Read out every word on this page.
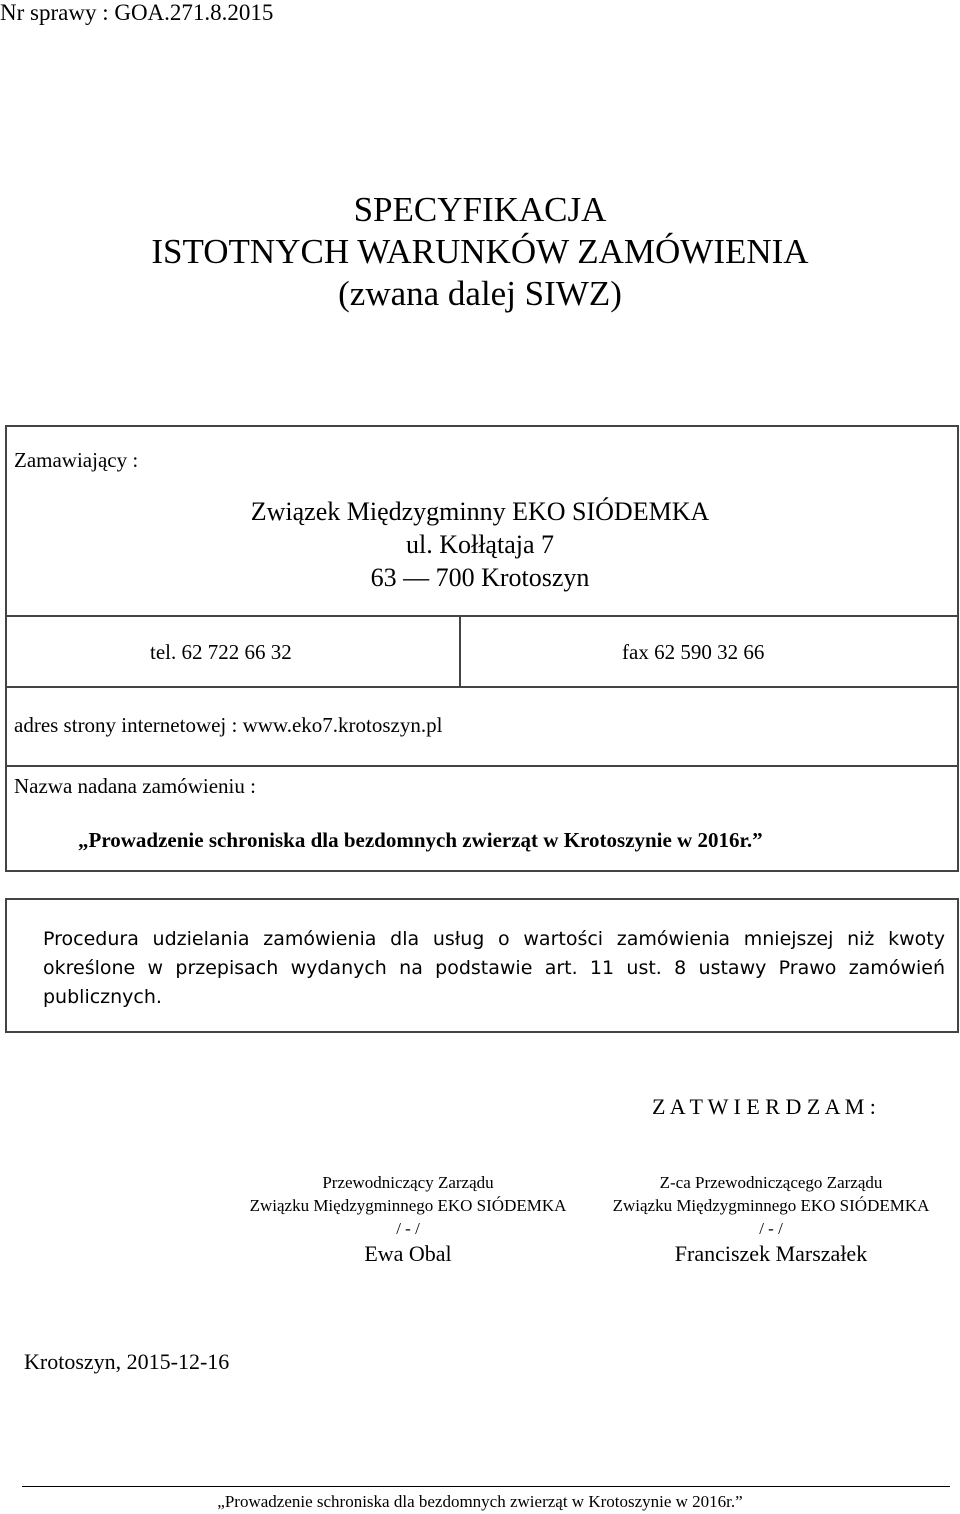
Nr sprawy : GOA.271.8.2015
SPECYFIKACJA
ISTOTNYCH WARUNKÓW ZAMÓWIENIA
(zwana dalej SIWZ)
Zamawiający :
Związek Międzygminny EKO SIÓDEMKA
ul. Kołłątaja 7
63 — 700 Krotoszyn
tel. 62 722 66 32	fax 62 590 32 66
adres strony internetowej : www.eko7.krotoszyn.pl
Nazwa nadana zamówieniu :
„Prowadzenie schroniska dla bezdomnych zwierząt w Krotoszynie w 2016r.”
Procedura udzielania zamówienia dla usług o wartości zamówienia mniejszej niż kwoty określone w przepisach wydanych na podstawie art. 11 ust. 8 ustawy Prawo zamówień publicznych.
Z A T W I E R D Z A M :
Przewodniczący Zarządu
Związku Międzygminnego EKO SIÓDEMKA
/ - /
Ewa Obal
Z-ca Przewodniczącego Zarządu
Związku Międzygminnego EKO SIÓDEMKA
/ - /
Franciszek Marszałek
Krotoszyn, 2015-12-16
„Prowadzenie schroniska dla bezdomnych zwierząt w Krotoszynie w 2016r.”
